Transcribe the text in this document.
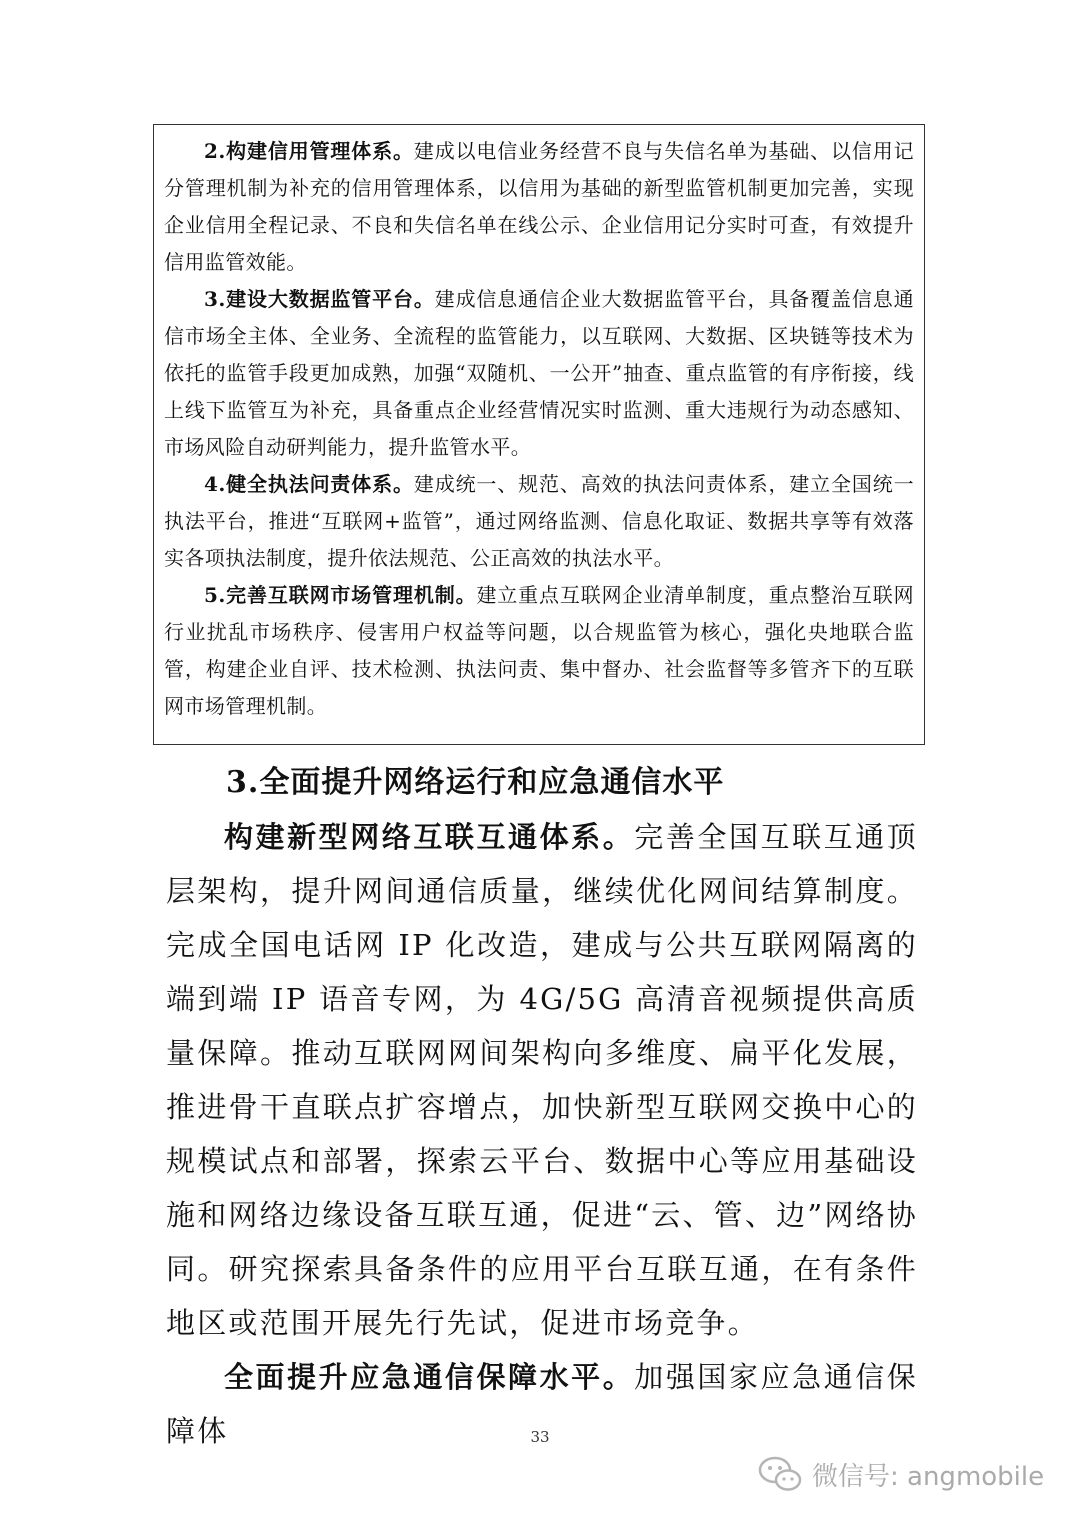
2.构建信用管理体系。建成以电信业务经营不良与失信名单为基础、以信用记分管理机制为补充的信用管理体系，以信用为基础的新型监管机制更加完善，实现企业信用全程记录、不良和失信名单在线公示、企业信用记分实时可查，有效提升信用监管效能。

3.建设大数据监管平台。建成信息通信企业大数据监管平台，具备覆盖信息通信市场全主体、全业务、全流程的监管能力，以互联网、大数据、区块链等技术为依托的监管手段更加成熟，加强“双随机、一公开”抽查、重点监管的有序衔接，线上线下监管互为补充，具备重点企业经营情况实时监测、重大违规行为动态感知、市场风险自动研判能力，提升监管水平。

4.健全执法问责体系。建成统一、规范、高效的执法问责体系，建立全国统一执法平台，推进“互联网+监管”，通过网络监测、信息化取证、数据共享等有效落实各项执法制度，提升依法规范、公正高效的执法水平。

5.完善互联网市场管理机制。建立重点互联网企业清单制度，重点整治互联网行业扰乱市场秩序、侵害用户权益等问题，以合规监管为核心，强化央地联合监管，构建企业自评、技术检测、执法问责、集中督办、社会监督等多管齐下的互联网市场管理机制。

3.全面提升网络运行和应急通信水平

构建新型网络互联互通体系。完善全国互联互通顶层架构，提升网间通信质量，继续优化网间结算制度。完成全国电话网 IP 化改造，建成与公共互联网隔离的端到端 IP 语音专网，为 4G/5G 高清音视频提供高质量保障。推动互联网网间架构向多维度、扁平化发展，推进骨干直联点扩容增点，加快新型互联网交换中心的规模试点和部署，探索云平台、数据中心等应用基础设施和网络边缘设备互联互通，促进“云、管、边”网络协同。研究探索具备条件的应用平台互联互通，在有条件地区或范围开展先行先试，促进市场竞争。

全面提升应急通信保障水平。加强国家应急通信保障体	33
微信号: angmobile
